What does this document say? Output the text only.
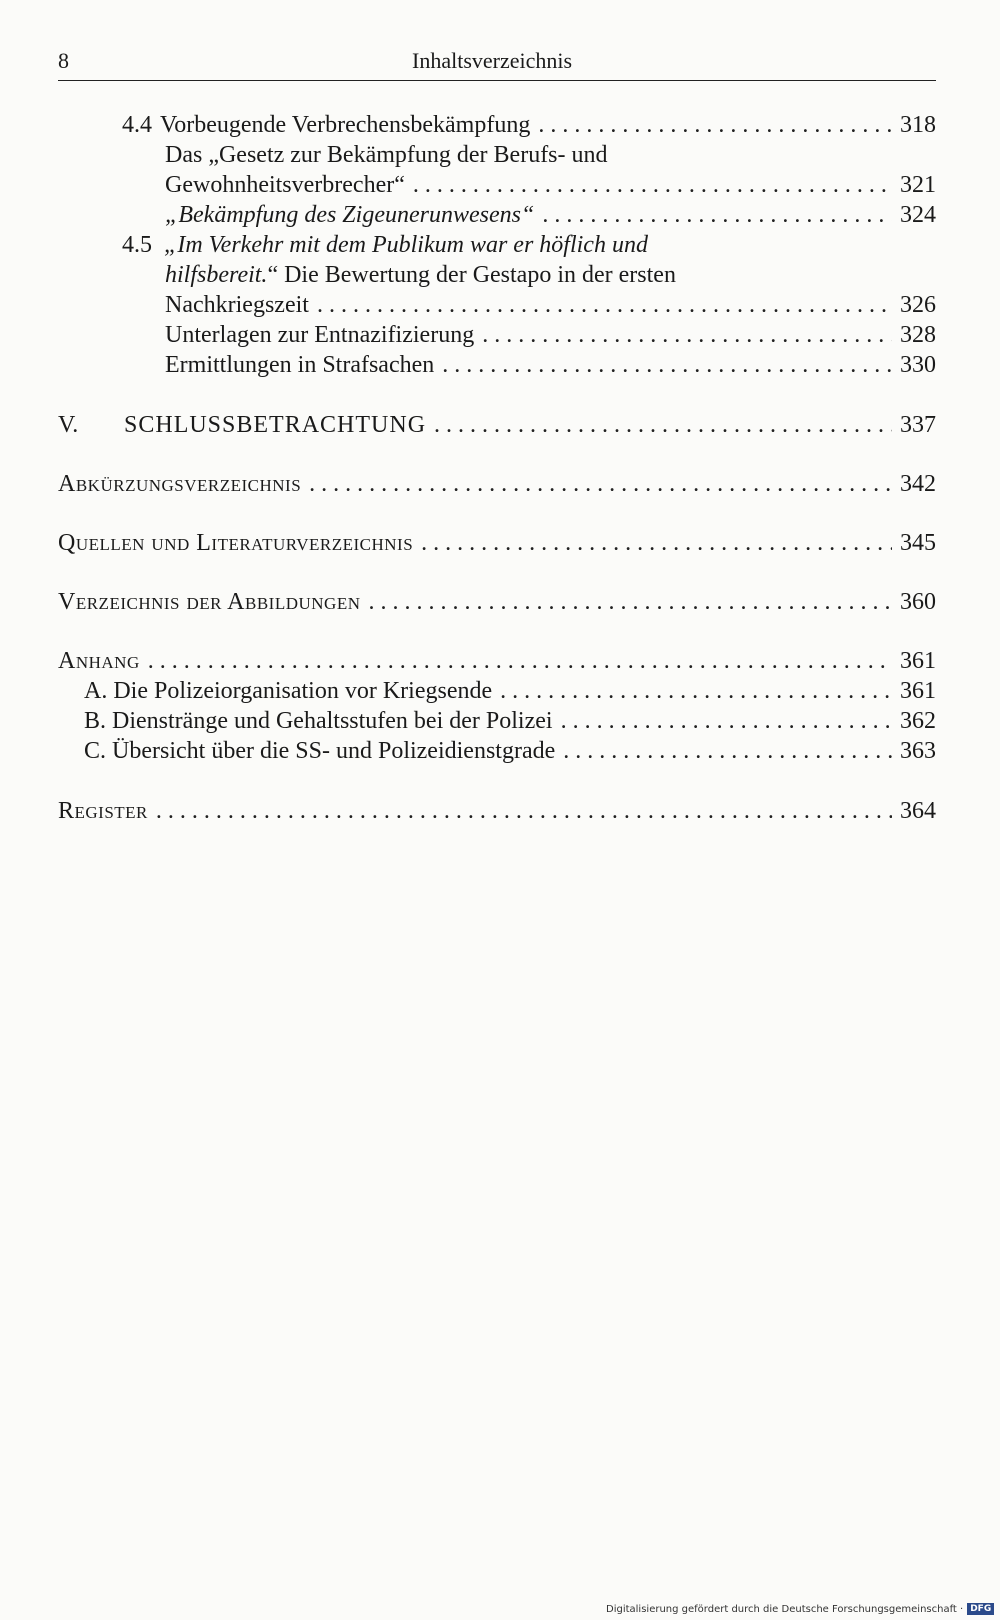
8	Inhaltsverzeichnis
4.4 Vorbeugende Verbrechensbekämpfung . . .	318
Das „Gesetz zur Bekämpfung der Berufs- und
Gewohnheitsverbrecher“ . . .	321
„Bekämpfung des Zigeunerunwesens“ . . .	324
4.5 „Im Verkehr mit dem Publikum war er höflich und
hilfsbereit.“ Die Bewertung der Gestapo in der ersten
Nachkriegszeit . . .	326
Unterlagen zur Entnazifizierung . . .	328
Ermittlungen in Strafsachen . . .	330
V.	SCHLUSSBETRACHTUNG . . .	337
Abkürzungsverzeichnis . . .	342
Quellen und Literaturverzeichnis . . .	345
Verzeichnis der Abbildungen . . .	360
Anhang . . .	361
A. Die Polizeiorganisation vor Kriegsende . . .	361
B. Dienstränge und Gehaltsstufen bei der Polizei . . .	362
C. Übersicht über die SS- und Polizeidienstgrade . . .	363
Register . . .	364
Digitalisierung gefördert durch die Deutsche Forschungsgemeinschaft · DFG
